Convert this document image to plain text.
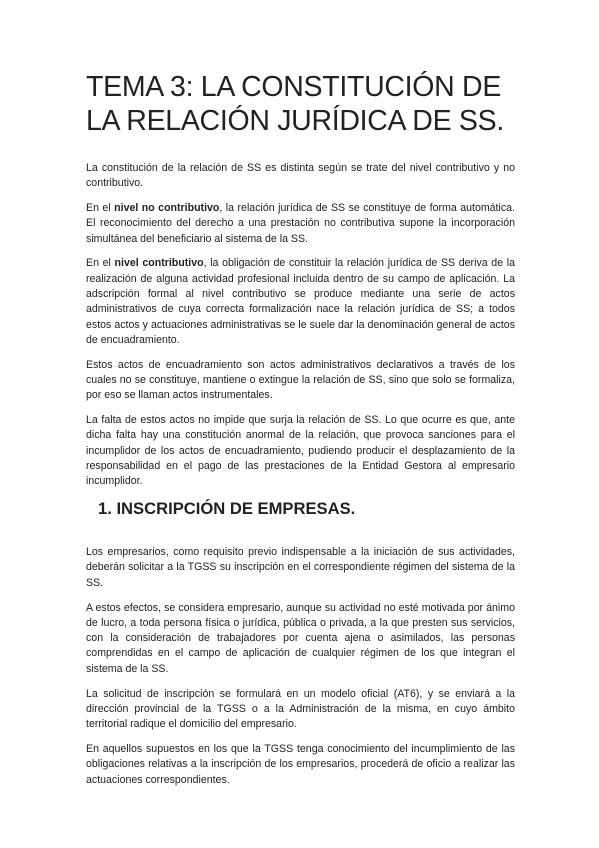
TEMA 3: LA CONSTITUCIÓN DE
LA RELACIÓN JURÍDICA DE SS.

La constitución de la relación de SS es distinta según se trate del nivel contributivo y no contributivo.

En el nivel no contributivo, la relación jurídica de SS se constituye de forma automática. El reconocimiento del derecho a una prestación no contributiva supone la incorporación simultánea del beneficiario al sistema de la SS.

En el nivel contributivo, la obligación de constituir la relación jurídica de SS deriva de la realización de alguna actividad profesional incluida dentro de su campo de aplicación. La adscripción formal al nivel contributivo se produce mediante una serie de actos administrativos de cuya correcta formalización nace la relación jurídica de SS; a todos estos actos y actuaciones administrativas se le suele dar la denominación general de actos de encuadramiento.

Estos actos de encuadramiento son actos administrativos declarativos a través de los cuales no se constituye, mantiene o extingue la relación de SS, sino que solo se formaliza, por eso se llaman actos instrumentales.

La falta de estos actos no impide que surja la relación de SS. Lo que ocurre es que, ante dicha falta hay una constitución anormal de la relación, que provoca sanciones para el incumplidor de los actos de encuadramiento, pudiendo producir el desplazamiento de la responsabilidad en el pago de las prestaciones de la Entidad Gestora al empresario incumplidor.

1. INSCRIPCIÓN DE EMPRESAS.

Los empresarios, como requisito previo indispensable a la iniciación de sus actividades, deberán solicitar a la TGSS su inscripción en el correspondiente régimen del sistema de la SS.

A estos efectos, se considera empresario, aunque su actividad no esté motivada por ánimo de lucro, a toda persona física o jurídica, pública o privada, a la que presten sus servicios, con la consideración de trabajadores por cuenta ajena o asimilados, las personas comprendidas en el campo de aplicación de cualquier régimen de los que integran el sistema de la SS.

La solicitud de inscripción se formulará en un modelo oficial (AT6), y se enviará a la dirección provincial de la TGSS o a la Administración de la misma, en cuyo ámbito territorial radique el domicilio del empresario.

En aquellos supuestos en los que la TGSS tenga conocimiento del incumplimiento de las obligaciones relativas a la inscripción de los empresarios, procederá de oficio a realizar las actuaciones correspondientes.
